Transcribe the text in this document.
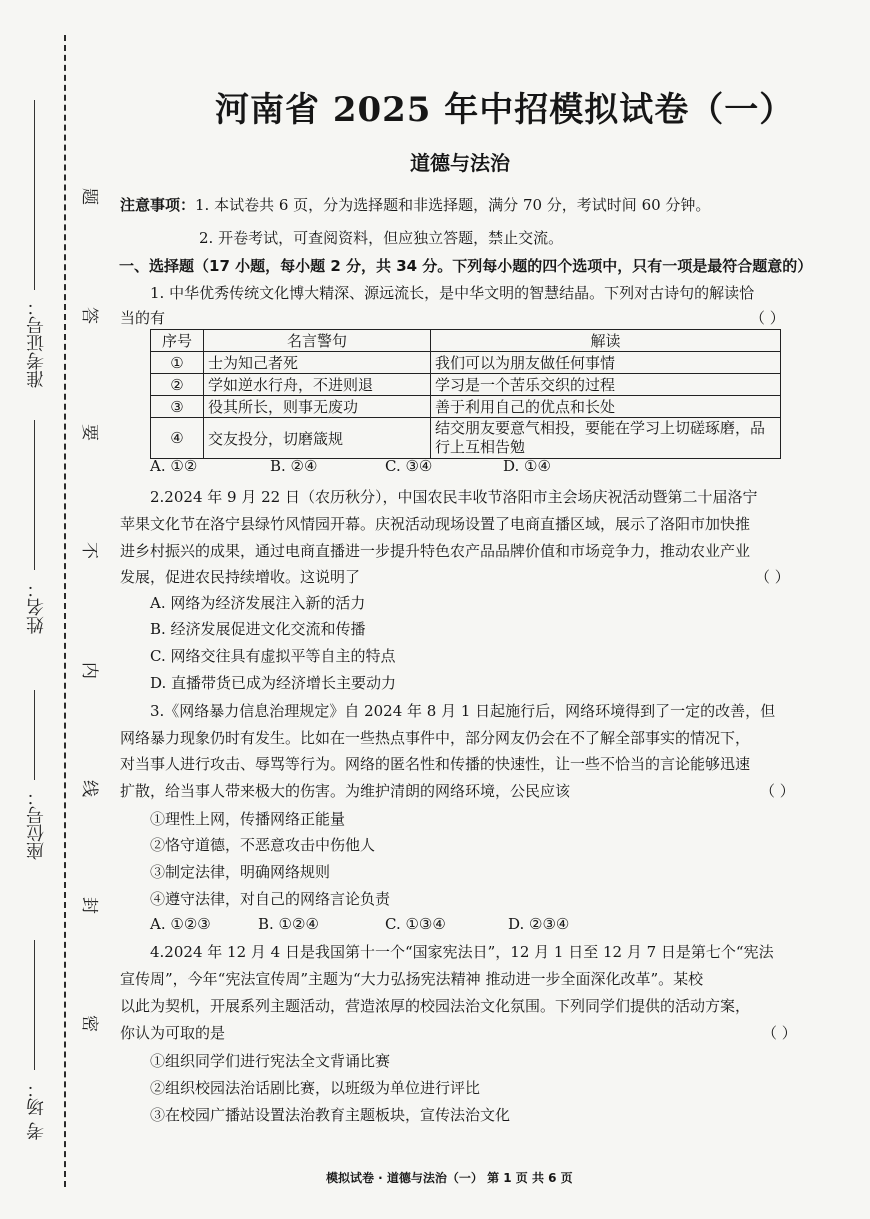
准考证号：
姓名：
座位号：
考 场：
题
答
要
不
内
线
封
密
河南省 2025 年中招模拟试卷（一）
道德与法治
注意事项：1. 本试卷共 6 页，分为选择题和非选择题，满分 70 分，考试时间 60 分钟。
2. 开卷考试，可查阅资料，但应独立答题，禁止交流。
一、选择题（17 小题，每小题 2 分，共 34 分。下列每小题的四个选项中，只有一项是最符合题意的）
1. 中华优秀传统文化博大精深、源远流长，是中华文明的智慧结晶。下列对古诗句的解读恰
当的有	（ ）
序号	名言警句	解读
①	士为知己者死	我们可以为朋友做任何事情
②	学如逆水行舟，不进则退	学习是一个苦乐交织的过程
③	役其所长，则事无废功	善于利用自己的优点和长处
④	交友投分，切磨箴规	结交朋友要意气相投，要能在学习上切磋琢磨，品行上互相告勉
A. ①②	B. ②④	C. ③④	D. ①④
2.2024 年 9 月 22 日（农历秋分），中国农民丰收节洛阳市主会场庆祝活动暨第二十届洛宁
苹果文化节在洛宁县绿竹风情园开幕。庆祝活动现场设置了电商直播区域，展示了洛阳市加快推
进乡村振兴的成果，通过电商直播进一步提升特色农产品品牌价值和市场竞争力，推动农业产业
发展，促进农民持续增收。这说明了	（ ）
A. 网络为经济发展注入新的活力
B. 经济发展促进文化交流和传播
C. 网络交往具有虚拟平等自主的特点
D. 直播带货已成为经济增长主要动力
3.《网络暴力信息治理规定》自 2024 年 8 月 1 日起施行后，网络环境得到了一定的改善，但
网络暴力现象仍时有发生。比如在一些热点事件中，部分网友仍会在不了解全部事实的情况下，
对当事人进行攻击、辱骂等行为。网络的匿名性和传播的快速性，让一些不恰当的言论能够迅速
扩散，给当事人带来极大的伤害。为维护清朗的网络环境，公民应该	（ ）
①理性上网，传播网络正能量
②恪守道德，不恶意攻击中伤他人
③制定法律，明确网络规则
④遵守法律，对自己的网络言论负责
A. ①②③	B. ①②④	C. ①③④	D. ②③④
4.2024 年 12 月 4 日是我国第十一个“国家宪法日”，12 月 1 日至 12 月 7 日是第七个“宪法
宣传周”，今年“宪法宣传周”主题为“大力弘扬宪法精神 推动进一步全面深化改革”。某校
以此为契机，开展系列主题活动，营造浓厚的校园法治文化氛围。下列同学们提供的活动方案，
你认为可取的是	（ ）
①组织同学们进行宪法全文背诵比赛
②组织校园法治话剧比赛，以班级为单位进行评比
③在校园广播站设置法治教育主题板块，宣传法治文化
模拟试卷 · 道德与法治（一） 第 1 页 共 6 页
